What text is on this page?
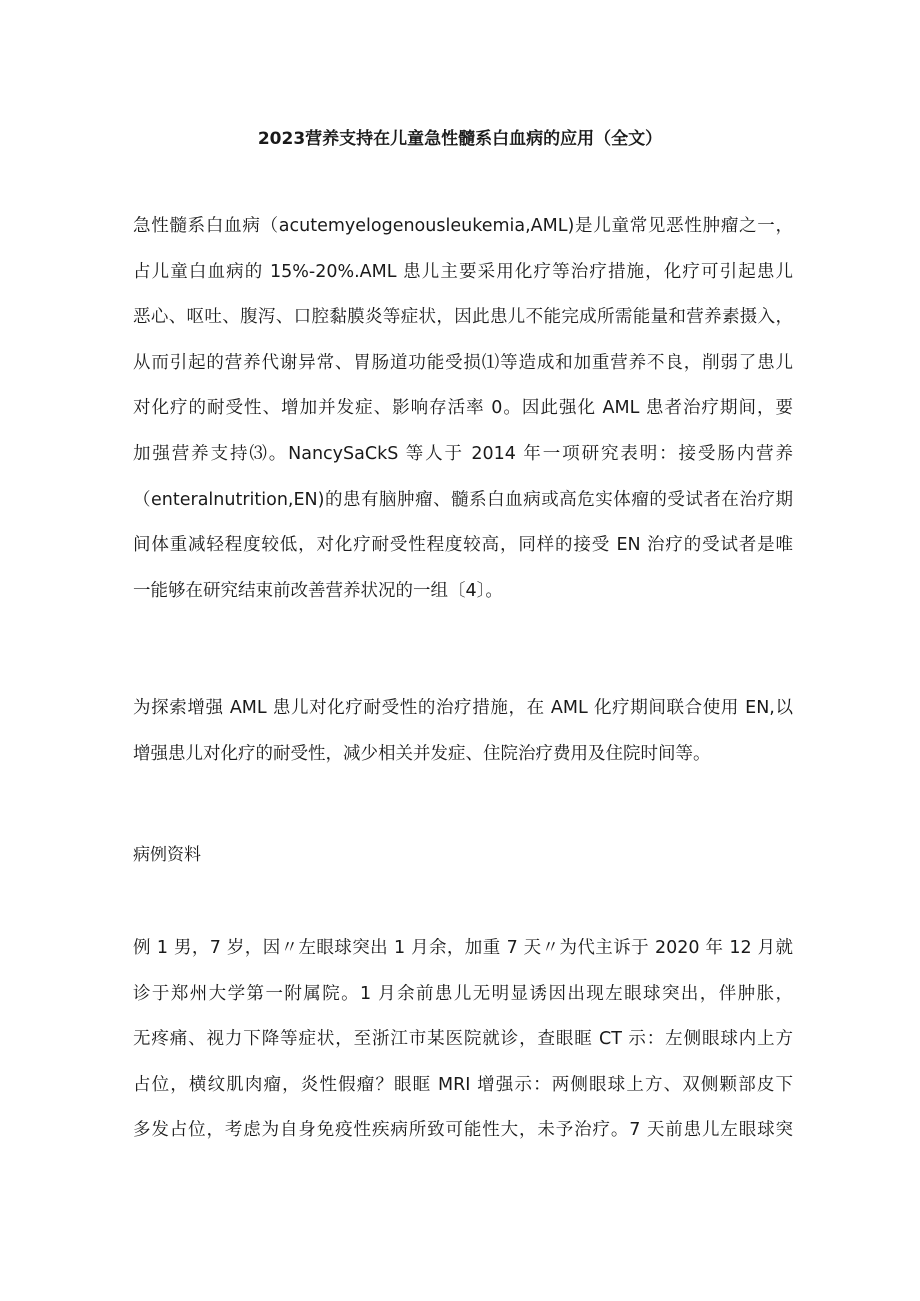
2023营养支持在儿童急性髓系白血病的应用（全文）
急性髓系白血病（acutemyelogenousleukemia,AML)是儿童常见恶性肿瘤之一，
占儿童白血病的 15%-20%.AML 患儿主要采用化疗等治疗措施，化疗可引起患儿
恶心、呕吐、腹泻、口腔黏膜炎等症状，因此患儿不能完成所需能量和营养素摄入，
从而引起的营养代谢异常、胃肠道功能受损⑴等造成和加重营养不良，削弱了患儿
对化疗的耐受性、增加并发症、影响存活率 0。因此强化 AML 患者治疗期间，要
加强营养支持⑶。NancySaCkS 等人于 2014 年一项研究表明：接受肠内营养
（enteralnutrition,EN)的患有脑肿瘤、髓系白血病或高危实体瘤的受试者在治疗期
间体重减轻程度较低，对化疗耐受性程度较高，同样的接受 EN 治疗的受试者是唯
一能够在研究结束前改善营养状况的一组〔4〕。
为探索增强 AML 患儿对化疗耐受性的治疗措施，在 AML 化疗期间联合使用 EN,以
增强患儿对化疗的耐受性，减少相关并发症、住院治疗费用及住院时间等。
病例资料
例 1 男，7 岁，因〃左眼球突出 1 月余，加重 7 天〃为代主诉于 2020 年 12 月就
诊于郑州大学第一附属院。1 月余前患儿无明显诱因出现左眼球突出，伴肿胀，
无疼痛、视力下降等症状，至浙江市某医院就诊，查眼眶 CT 示：左侧眼球内上方
占位，横纹肌肉瘤，炎性假瘤？眼眶 MRI 增强示：两侧眼球上方、双侧颗部皮下
多发占位，考虑为自身免疫性疾病所致可能性大，未予治疗。7 天前患儿左眼球突
